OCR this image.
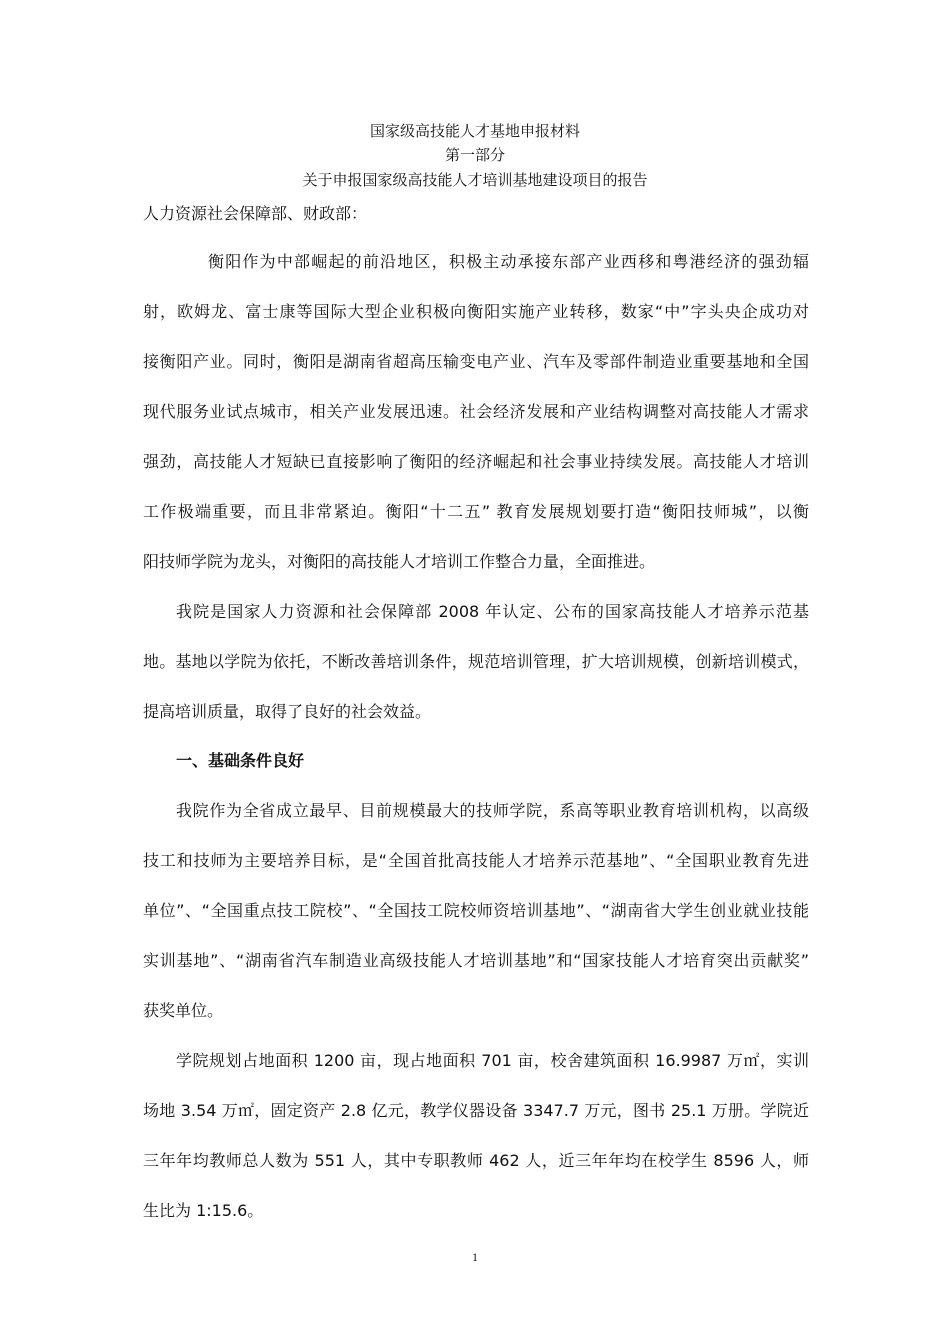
国家级高技能人才基地申报材料
第一部分
关于申报国家级高技能人才培训基地建设项目的报告
人力资源社会保障部、财政部：
衡阳作为中部崛起的前沿地区，积极主动承接东部产业西移和粤港经济的强劲辐
射，欧姆龙、富士康等国际大型企业积极向衡阳实施产业转移，数家“中”字头央企成功对
接衡阳产业。同时，衡阳是湖南省超高压输变电产业、汽车及零部件制造业重要基地和全国
现代服务业试点城市，相关产业发展迅速。社会经济发展和产业结构调整对高技能人才需求
强劲，高技能人才短缺已直接影响了衡阳的经济崛起和社会事业持续发展。高技能人才培训
工作极端重要，而且非常紧迫。衡阳“十二五” 教育发展规划要打造“衡阳技师城”，以衡
阳技师学院为龙头，对衡阳的高技能人才培训工作整合力量，全面推进。
我院是国家人力资源和社会保障部 2008 年认定、公布的国家高技能人才培养示范基
地。基地以学院为依托，不断改善培训条件，规范培训管理，扩大培训规模，创新培训模式，
提高培训质量，取得了良好的社会效益。
一、基础条件良好
我院作为全省成立最早、目前规模最大的技师学院，系高等职业教育培训机构，以高级
技工和技师为主要培养目标，是“全国首批高技能人才培养示范基地”、“全国职业教育先进
单位”、“全国重点技工院校”、“全国技工院校师资培训基地”、“湖南省大学生创业就业技能
实训基地”、“湖南省汽车制造业高级技能人才培训基地”和“国家技能人才培育突出贡献奖”
获奖单位。
学院规划占地面积 1200 亩，现占地面积 701 亩，校舍建筑面积 16.9987 万㎡，实训
场地 3.54 万㎡，固定资产 2.8 亿元，教学仪器设备 3347.7 万元，图书 25.1 万册。学院近
三年年均教师总人数为 551 人，其中专职教师 462 人，近三年年均在校学生 8596 人，师
生比为 1:15.6。
1
